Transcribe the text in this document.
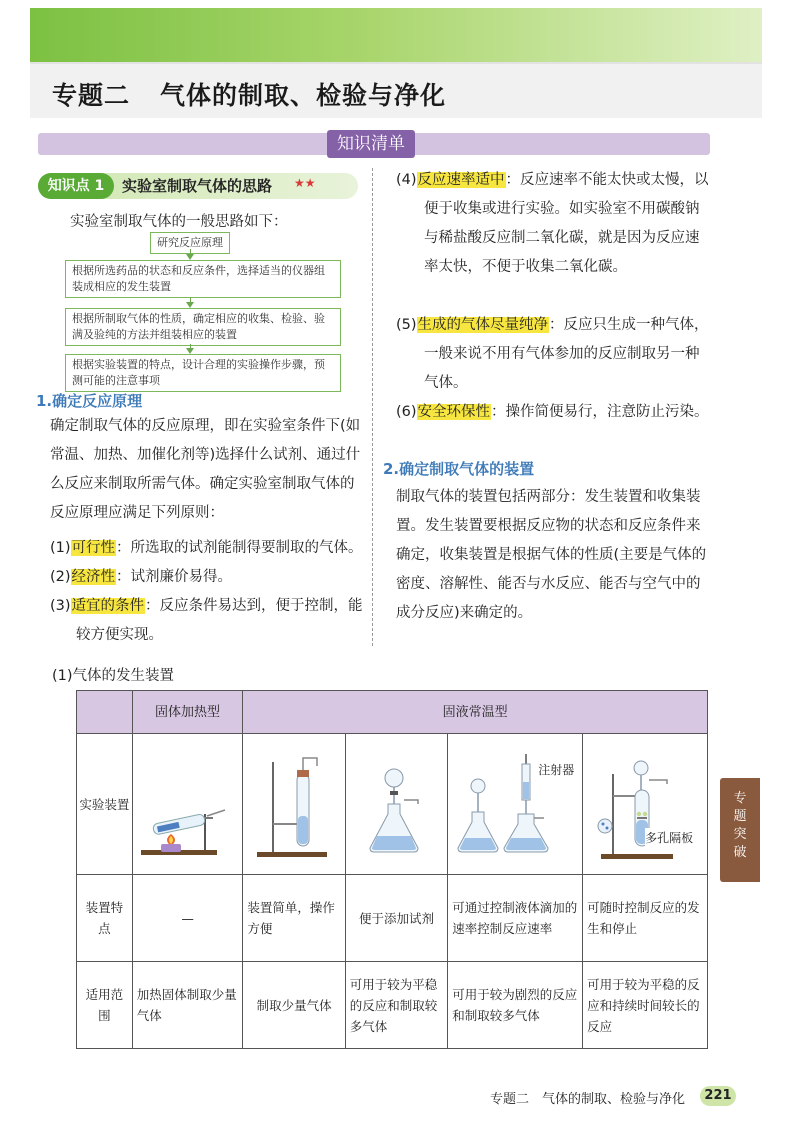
专题二 气体的制取、检验与净化
知识清单
知识点 1	实验室制取气体的思路 ★★
实验室制取气体的一般思路如下：
研究反应原理
根据所选药品的状态和反应条件，选择适当的仪器组装成相应的发生装置
根据所制取气体的性质，确定相应的收集、检验、验满及验纯的方法并组装相应的装置
根据实验装置的特点，设计合理的实验操作步骤，预测可能的注意事项
1.确定反应原理
确定制取气体的反应原理，即在实验室条件下(如常温、加热、加催化剂等)选择什么试剂、通过什么反应来制取所需气体。确定实验室制取气体的反应原理应满足下列原则：
(1)可行性：所选取的试剂能制得要制取的气体。
(2)经济性：试剂廉价易得。
(3)适宜的条件：反应条件易达到，便于控制，能较方便实现。
(4)反应速率适中：反应速率不能太快或太慢，以便于收集或进行实验。如实验室不用碳酸钠与稀盐酸反应制二氧化碳，就是因为反应速率太快，不便于收集二氧化碳。
(5)生成的气体尽量纯净：反应只生成一种气体，一般来说不用有气体参加的反应制取另一种气体。
(6)安全环保性：操作简便易行，注意防止污染。
2.确定制取气体的装置
制取气体的装置包括两部分：发生装置和收集装置。发生装置要根据反应物的状态和反应条件来确定，收集装置是根据气体的性质(主要是气体的密度、溶解性、能否与水反应、能否与空气中的成分反应)来确定的。
(1)气体的发生装置
	固体加热型	固液常温型			
实验装置				注射器	多孔隔板

装置特点	—	装置简单，操作方便	便于添加试剂	可通过控制液体滴加的速率控制反应速率	可随时控制反应的发生和停止
适用范围	加热固体制取少量气体	制取少量气体	可用于较为平稳的反应和制取较多气体	可用于较为剧烈的反应和制取较多气体	可用于较为平稳的反应和持续时间较长的反应
专题突破
专题二　气体的制取、检验与净化	221
